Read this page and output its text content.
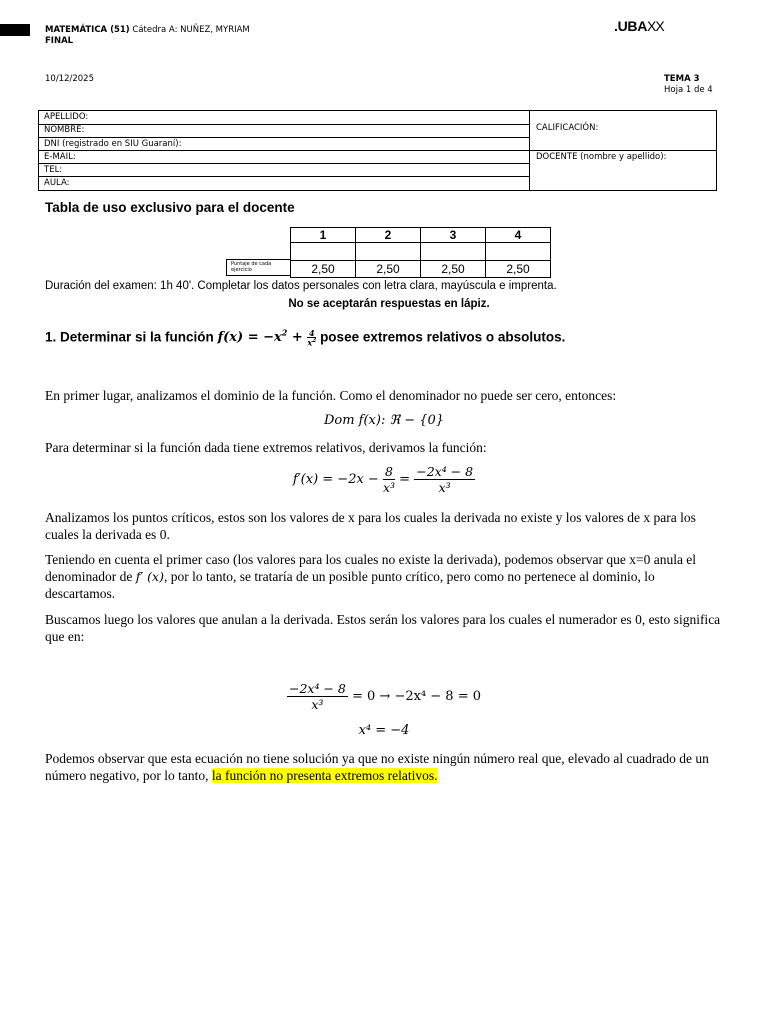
MATEMÁTICA (51) Cátedra A: NUÑEZ, MYRIAM
FINAL
.UBAXX
10/12/2025	TEMA 3
Hoja 1 de 4
APELLIDO:
NOMBRE:
DNI (registrado en SIU Guaraní):
E-MAIL:
TEL:
AULA:
CALIFICACIÓN:
DOCENTE (nombre y apellido):
Tabla de uso exclusivo para el docente
1	2	3	4

2,50	2,50	2,50	2,50
Puntaje de cada ejercicio
Duración del examen: 1h 40'. Completar los datos personales con letra clara, mayúscula e imprenta.
No se aceptarán respuestas en lápiz.
1. Determinar si la función $f(x) = -x^2 + \frac{4}{x^2}$ posee extremos relativos o absolutos.
En primer lugar, analizamos el dominio de la función. Como el denominador no puede ser cero, entonces:
Dom f(x): ℜ − {0}
Para determinar si la función dada tiene extremos relativos, derivamos la función:
$f'(x) = -2x - \frac{8}{\text{x³}} = \frac{\text{−2x⁴ − 8}}{\text{x³}}$
Analizamos los puntos críticos, estos son los valores de x para los cuales la derivada no existe y los valores de x para los cuales la derivada es 0.
Teniendo en cuenta el primer caso (los valores para los cuales no existe la derivada), podemos observar que x=0 anula el denominador de f′ (x), por lo tanto, se trataría de un posible punto crítico, pero como no pertenece al dominio, lo descartamos.
Buscamos luego los valores que anulan a la derivada. Estos serán los valores para los cuales el numerador es 0, esto significa que en:
$\frac{\text{−2x⁴ − 8}}{\text{x³}} = 0 \to -2x^4 - 8 = 0$
x⁴ = −4
Podemos observar que esta ecuación no tiene solución ya que no existe ningún número real que, elevado al cuadrado de un número negativo, por lo tanto, la función no presenta extremos relativos.
